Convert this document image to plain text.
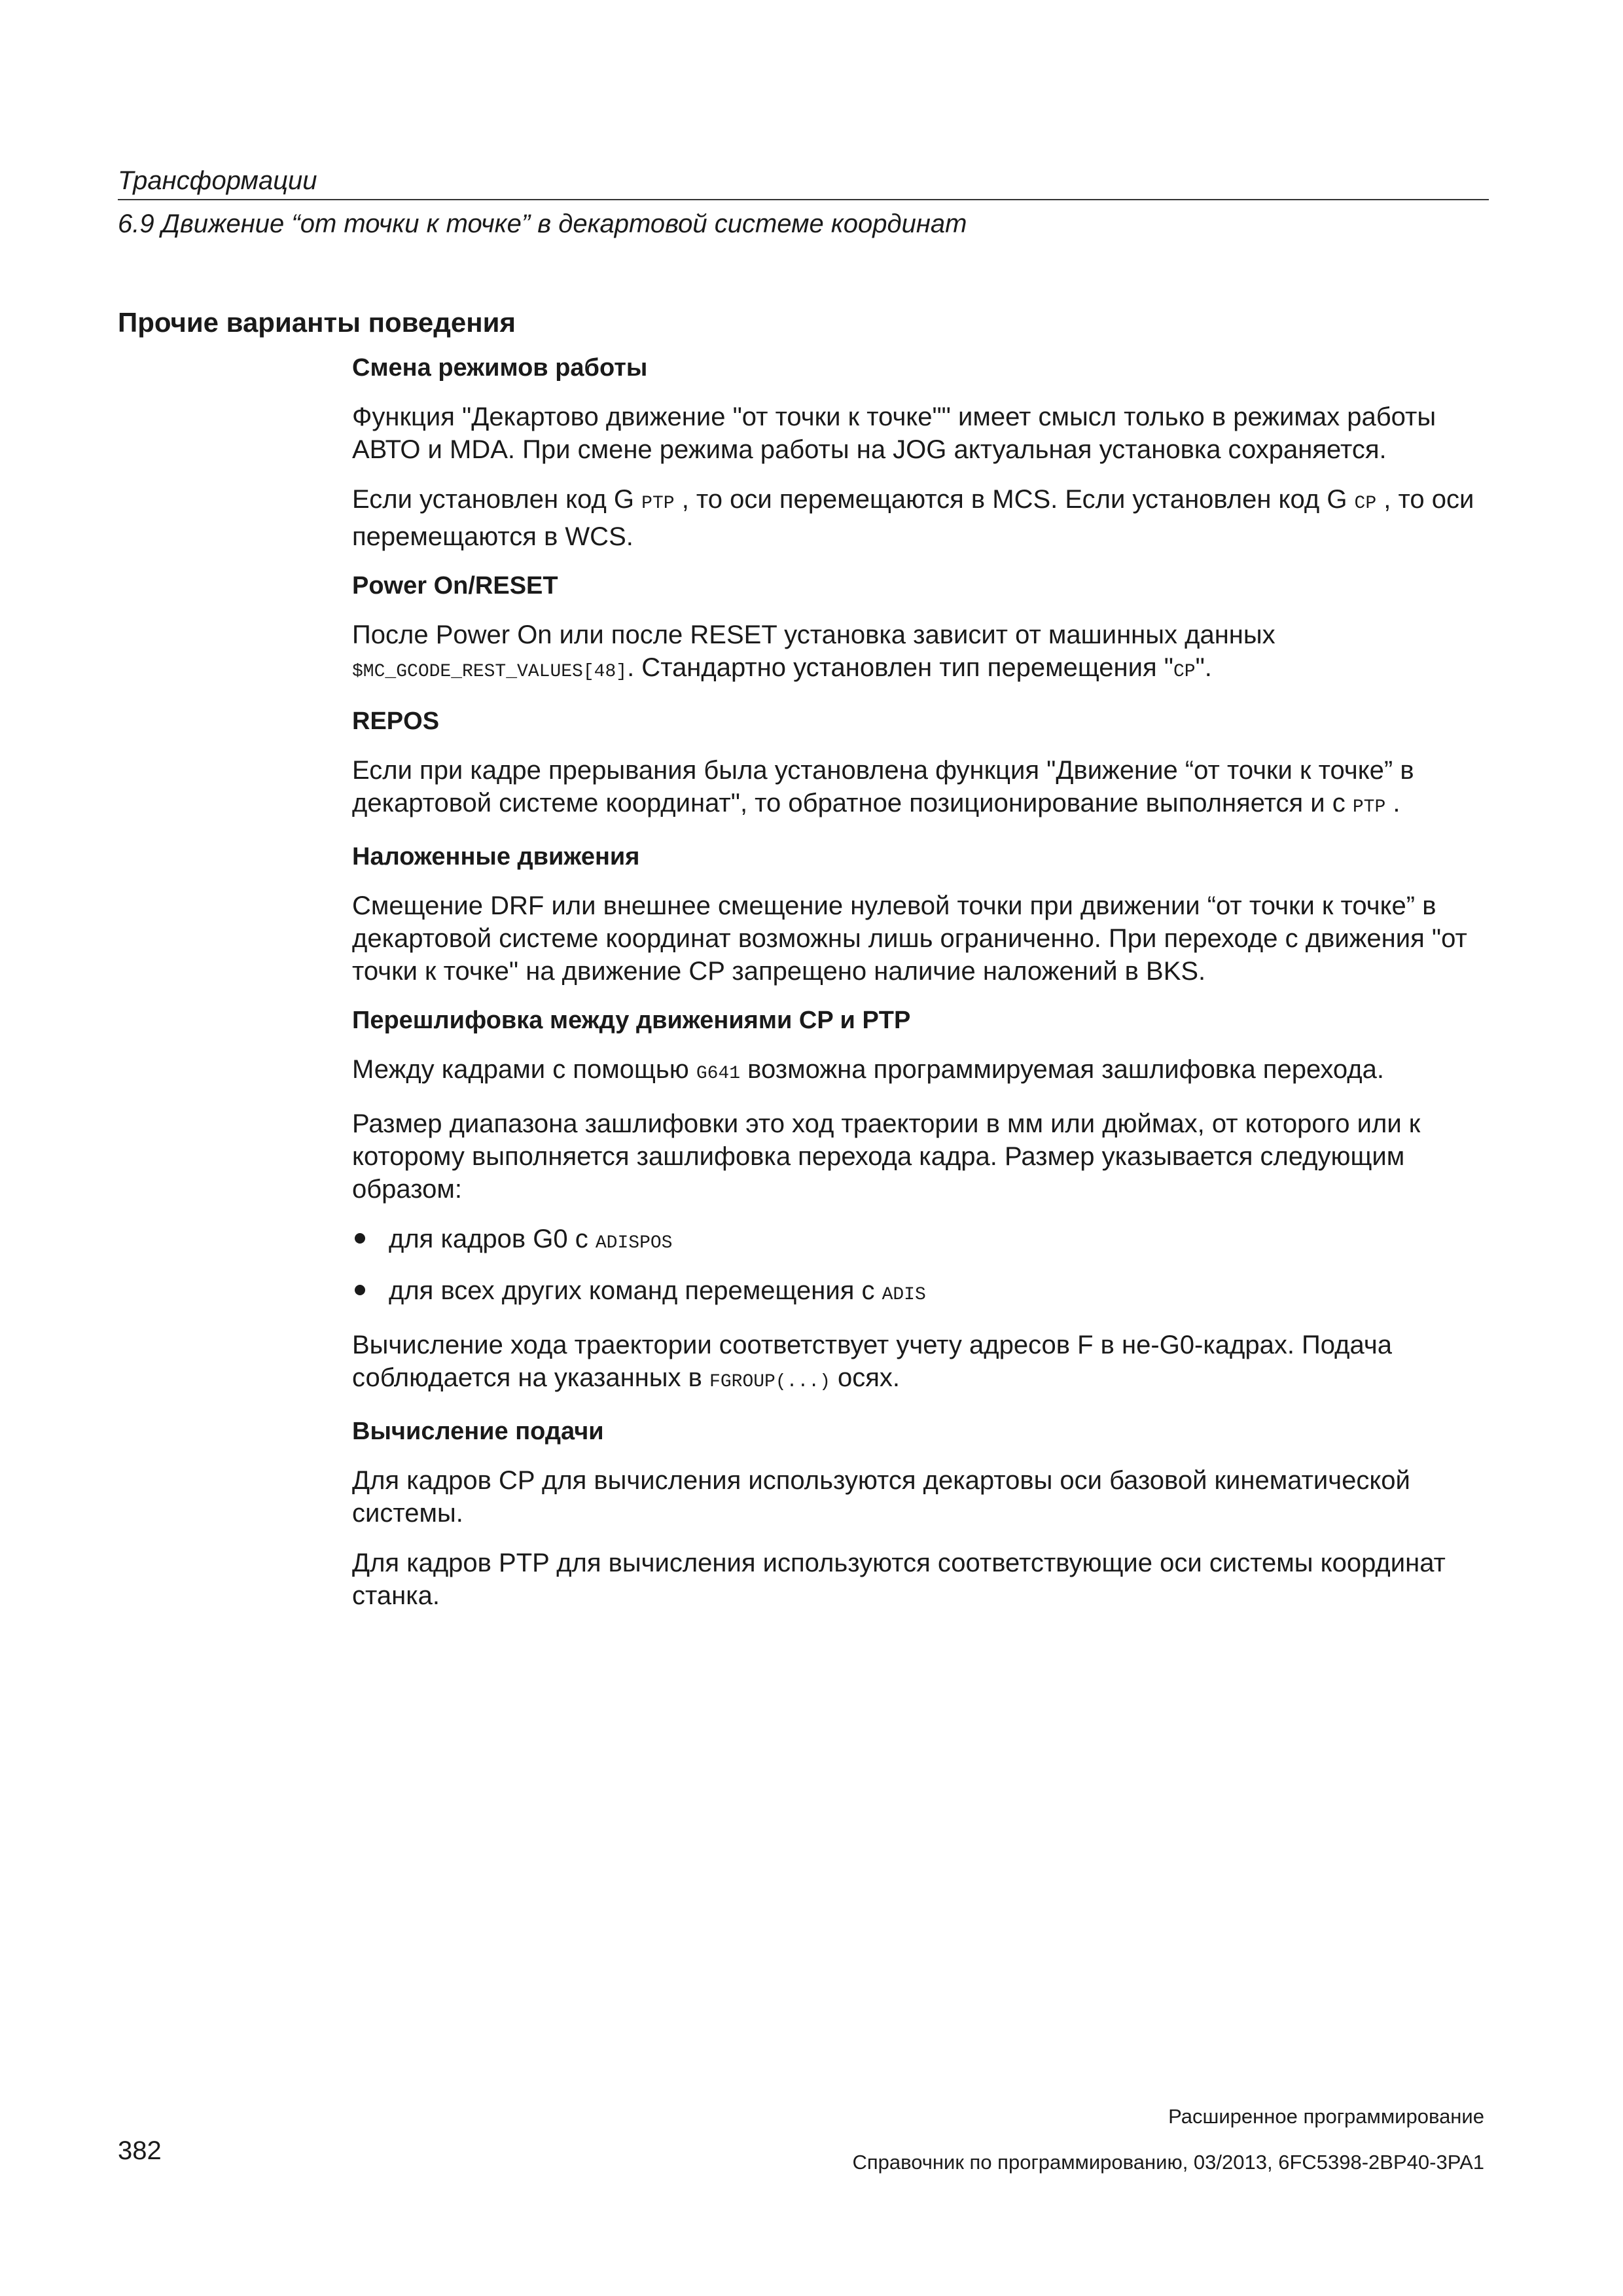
Трансформации
6.9 Движение “от точки к точке” в декартовой системе координат
Прочие варианты поведения
Смена режимов работы

Функция "Декартово движение "от точки к точке"" имеет смысл только в режимах работы АВТО и MDA. При смене режима работы на JOG актуальная установка сохраняется.

Если установлен код G PTP , то оси перемещаются в MCS. Если установлен код G CP , то оси перемещаются в WCS.

Power On/RESET

После Power On или после RESET установка зависит от машинных данных $MC_GCODE_REST_VALUES[48]. Стандартно установлен тип перемещения "CP".

REPOS

Если при кадре прерывания была установлена функция "Движение “от точки к точке” в декартовой системе координат", то обратное позиционирование выполняется и с PTP .

Наложенные движения

Смещение DRF или внешнее смещение нулевой точки при движении “от точки к точке” в декартовой системе координат возможны лишь ограниченно. При переходе с движения "от точки к точке" на движение CP запрещено наличие наложений в BKS.

Перешлифовка между движениями CP и PTP

Между кадрами с помощью G641 возможна программируемая зашлифовка перехода.

Размер диапазона зашлифовки это ход траектории в мм или дюймах, от которого или к которому выполняется зашлифовка перехода кадра. Размер указывается следующим образом:

для кадров G0 с ADISPOS
для всех других команд перемещения с ADIS

Вычисление хода траектории соответствует учету адресов F в не-G0-кадрах. Подача соблюдается на указанных в FGROUP(...) осях.

Вычисление подачи

Для кадров CP для вычисления используются декартовы оси базовой кинематической системы.

Для кадров PTP для вычисления используются соответствующие оси системы координат станка.

Расширенное программирование
Справочник по программированию, 03/2013, 6FC5398-2BP40-3PA1
382
